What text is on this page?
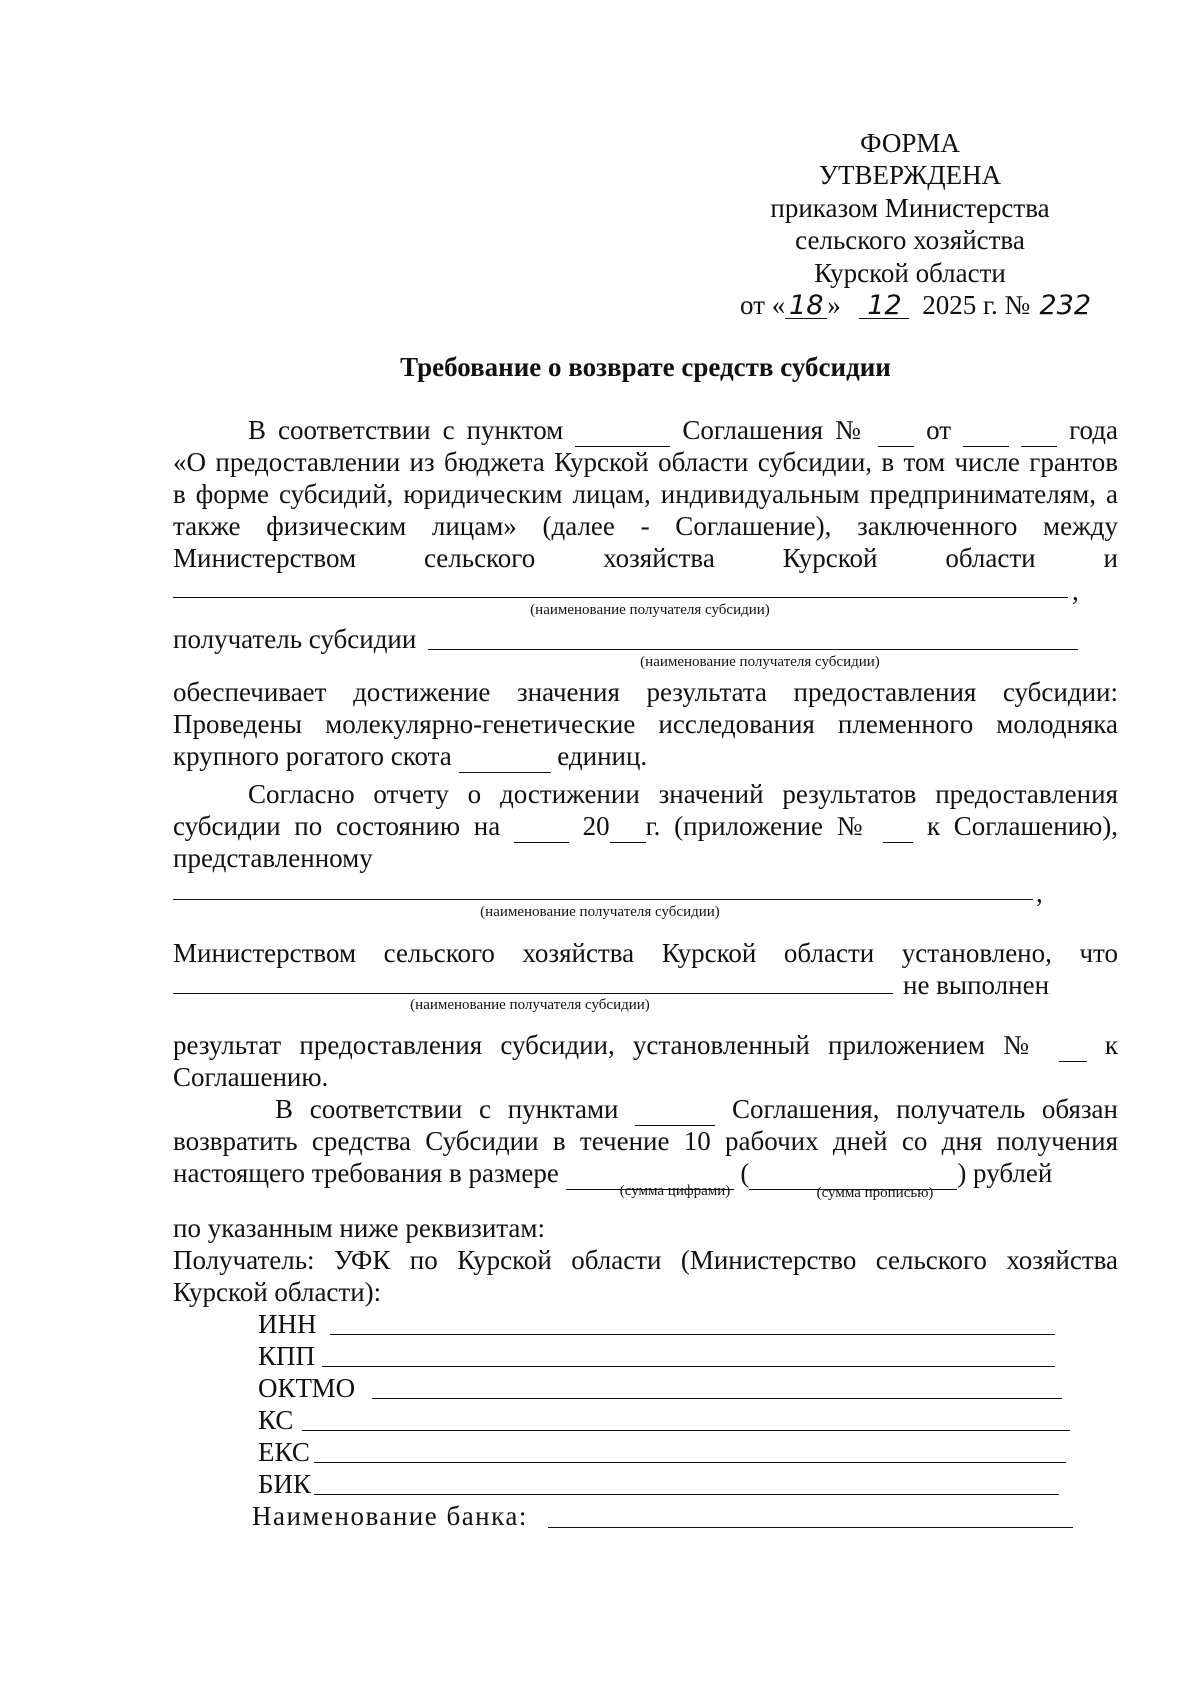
ФОРМА
УТВЕРЖДЕНА
приказом Министерства
сельского хозяйства
Курской области
от « 18 » 12 2025 г. № 232
Требование о возврате средств субсидии
В соответствии с пунктом	Соглашения № от	года
«О предоставлении из бюджета Курской области субсидии, в том числе грантов
в форме субсидий, юридическим лицам, индивидуальным предпринимателям, а
также физическим лицам» (далее - Соглашение), заключенного между
Министерством сельского хозяйства Курской области и
,
(наименование получателя субсидии)
получатель субсидии
(наименование получателя субсидии)
обеспечивает достижение значения результата предоставления субсидии:
Проведены молекулярно-генетические исследования племенного молодняка
крупного рогатого скота	единиц.
Согласно отчету о достижении значений результатов предоставления
субсидии по состоянию на	20 г. (приложение № к Соглашению),
представленному
,
(наименование получателя субсидии)
Министерством сельского хозяйства Курской области установлено, что
не выполнен
(наименование получателя субсидии)
результат предоставления субсидии, установленный приложением № к
Соглашению.
В соответствии с пунктами	Соглашения, получатель обязан
возвратить средства Субсидии в течение 10 рабочих дней со дня получения
настоящего требования в размере	(	) рублей
(сумма цифрами)	(сумма прописью)
по указанным ниже реквизитам:
Получатель: УФК по Курской области (Министерство сельского хозяйства
Курской области):
ИНН
КПП
ОКТМО
КС
ЕКС
БИК
Наименование банка:
